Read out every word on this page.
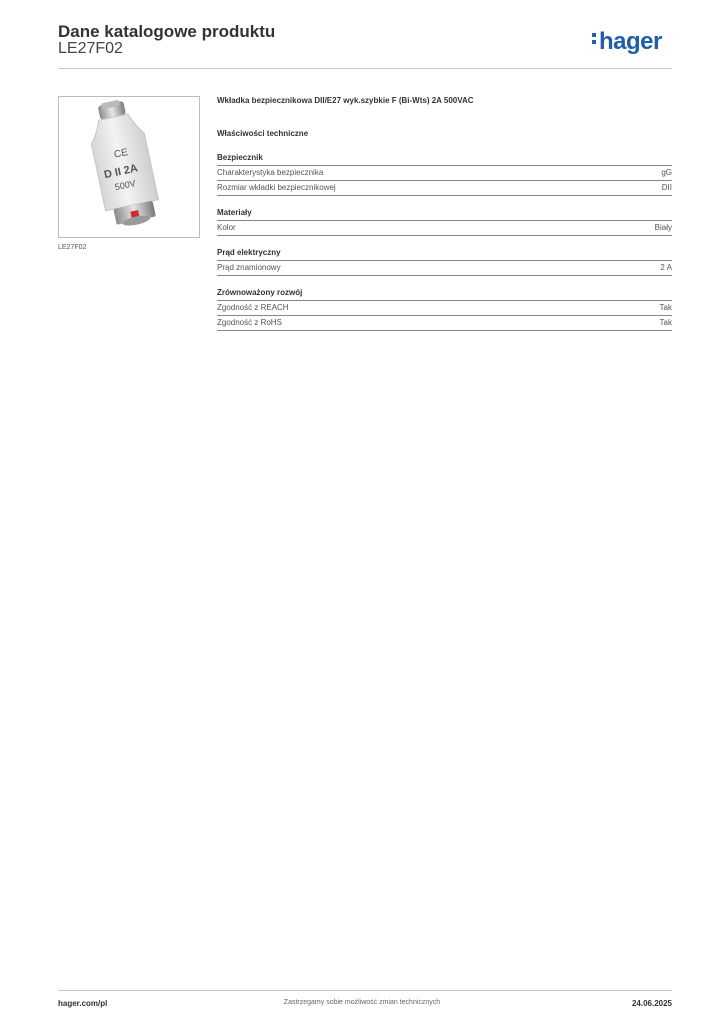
Dane katalogowe produktu
LE27F02	hager
CE
D II 2A
500V
LE27F02
Wkładka bezpiecznikowa DII/E27 wyk.szybkie F (Bi-Wts) 2A 500VAC
Właściwości techniczne
Bezpiecznik
Charakterystyka bezpiecznika	gG
Rozmiar wkładki bezpiecznikowej	DII
Materiały
Kolor	Biały
Prąd elektryczny
Prąd znamionowy	2 A
Zrównoważony rozwój
Zgodność z REACH	Tak
Zgodność z RoHS	Tak
hager.com/pl	Zastrzegamy sobie możliwość zmian technicznych	24.06.2025
